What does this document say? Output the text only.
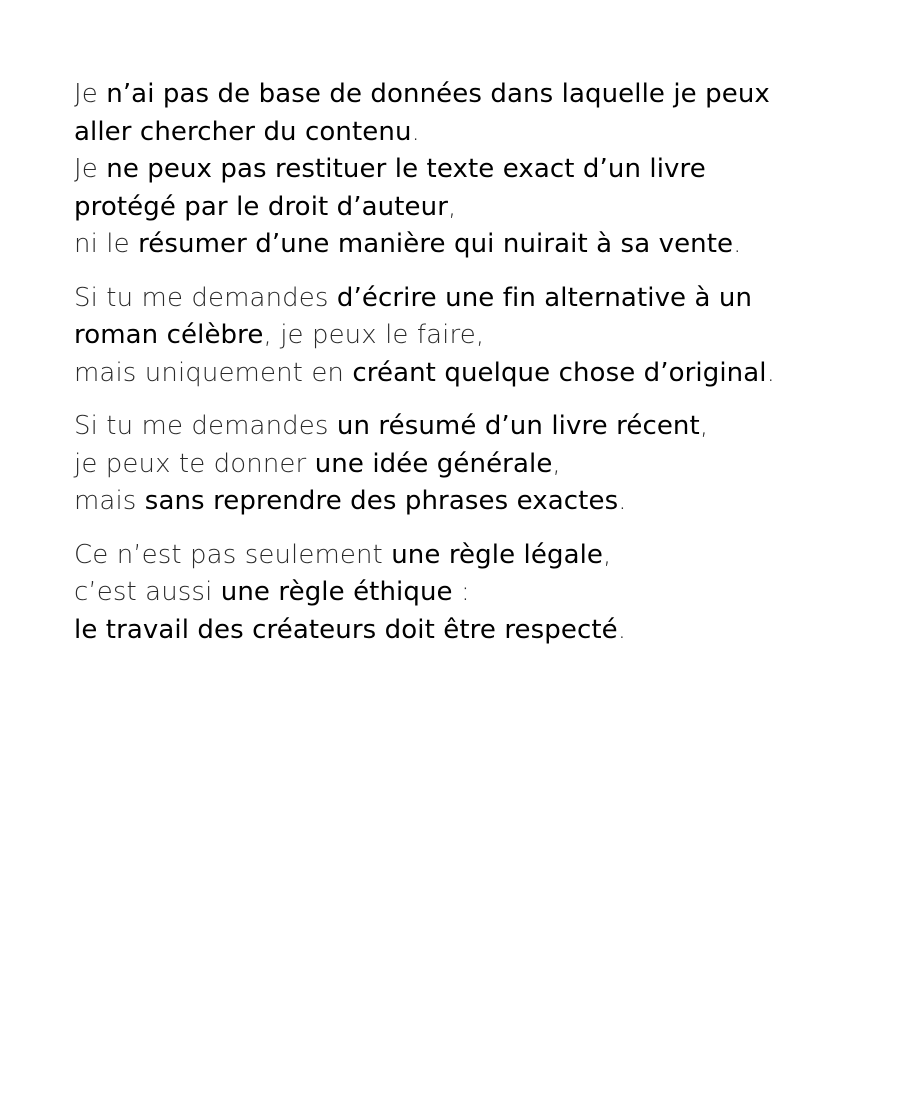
Je n’ai pas de base de données dans laquelle je peux
aller chercher du contenu.
Je ne peux pas restituer le texte exact d’un livre
protégé par le droit d’auteur,
ni le résumer d’une manière qui nuirait à sa vente.
Si tu me demandes d’écrire une fin alternative à un
roman célèbre, je peux le faire,
mais uniquement en créant quelque chose d’original.
Si tu me demandes un résumé d’un livre récent,
je peux te donner une idée générale,
mais sans reprendre des phrases exactes.
Ce n’est pas seulement une règle légale,
c’est aussi une règle éthique :
le travail des créateurs doit être respecté.
